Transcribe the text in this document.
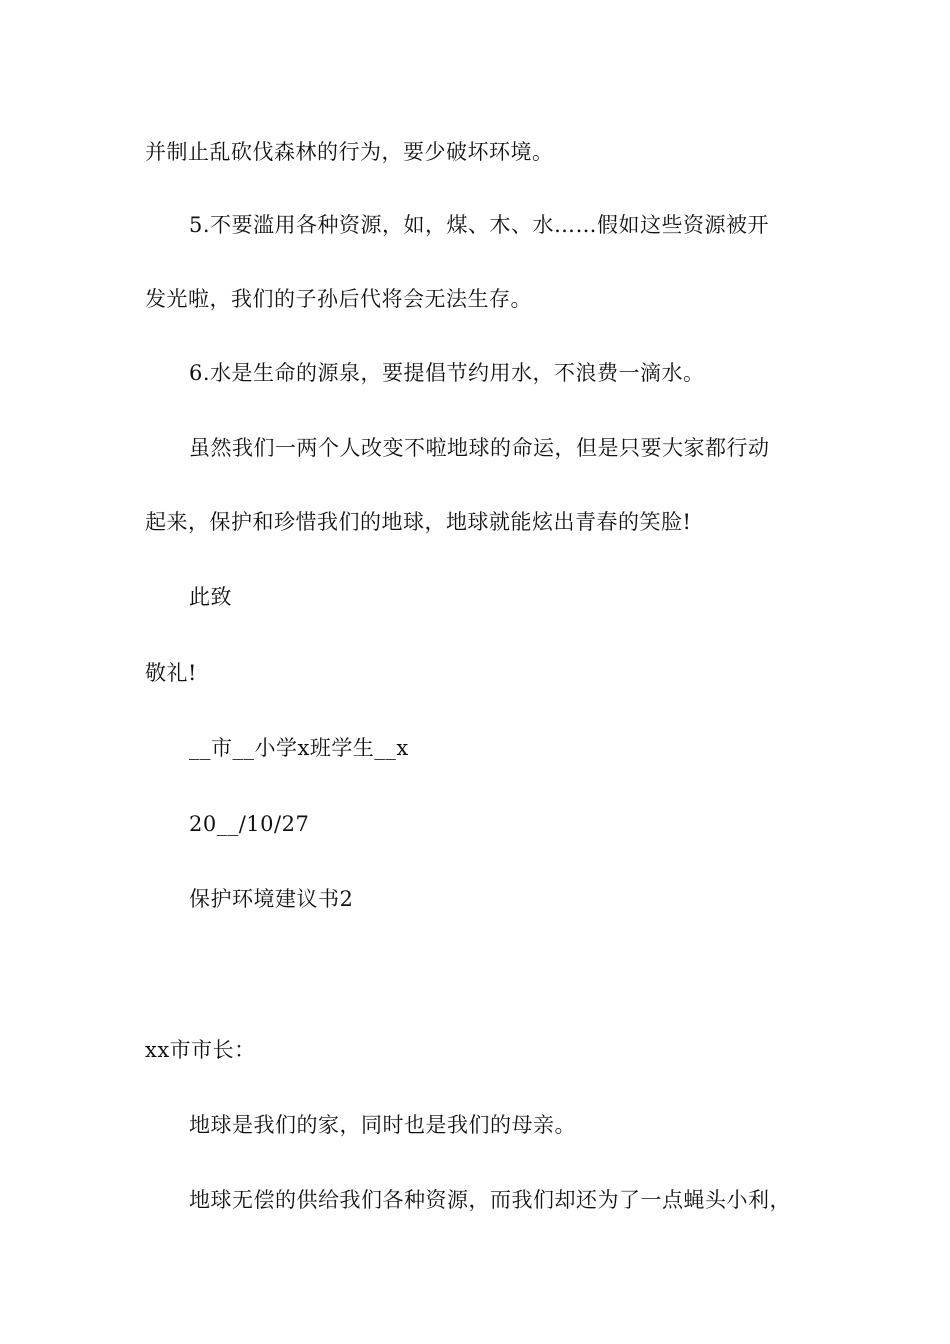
并制止乱砍伐森林的行为，要少破坏环境。
5.不要滥用各种资源，如，煤、木、水……假如这些资源被开
发光啦，我们的子孙后代将会无法生存。
6.水是生命的源泉，要提倡节约用水，不浪费一滴水。
虽然我们一两个人改变不啦地球的命运，但是只要大家都行动
起来，保护和珍惜我们的地球，地球就能炫出青春的笑脸!
此致
敬礼!
__市__小学x班学生__x
20__/10/27
保护环境建议书2
xx市市长：
地球是我们的家，同时也是我们的母亲。
地球无偿的供给我们各种资源，而我们却还为了一点蝇头小利，
